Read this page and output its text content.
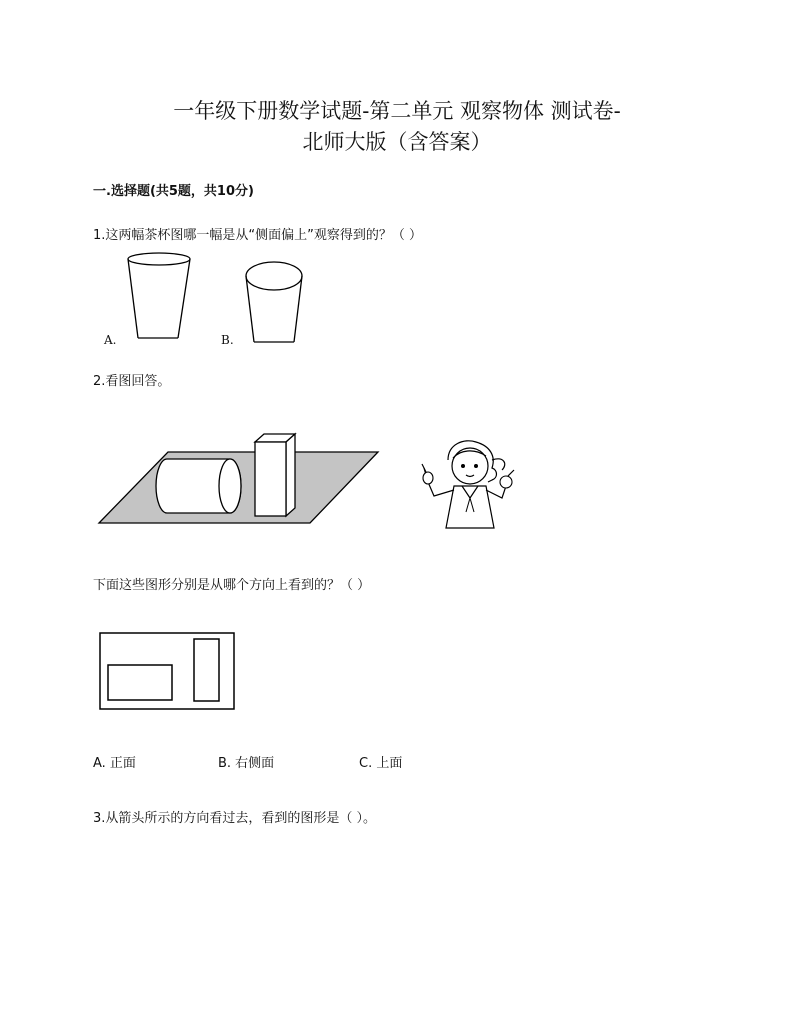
一年级下册数学试题-第二单元 观察物体 测试卷-
北师大版（含答案）
一.选择题(共5题，共10分)
1.这两幅茶杯图哪一幅是从“侧面偏上”观察得到的？（ ）
A.	B.
2.看图回答。
下面这些图形分别是从哪个方向上看到的？（ ）
A. 正面	B. 右侧面	C. 上面
3.从箭头所示的方向看过去，看到的图形是（ ）。
